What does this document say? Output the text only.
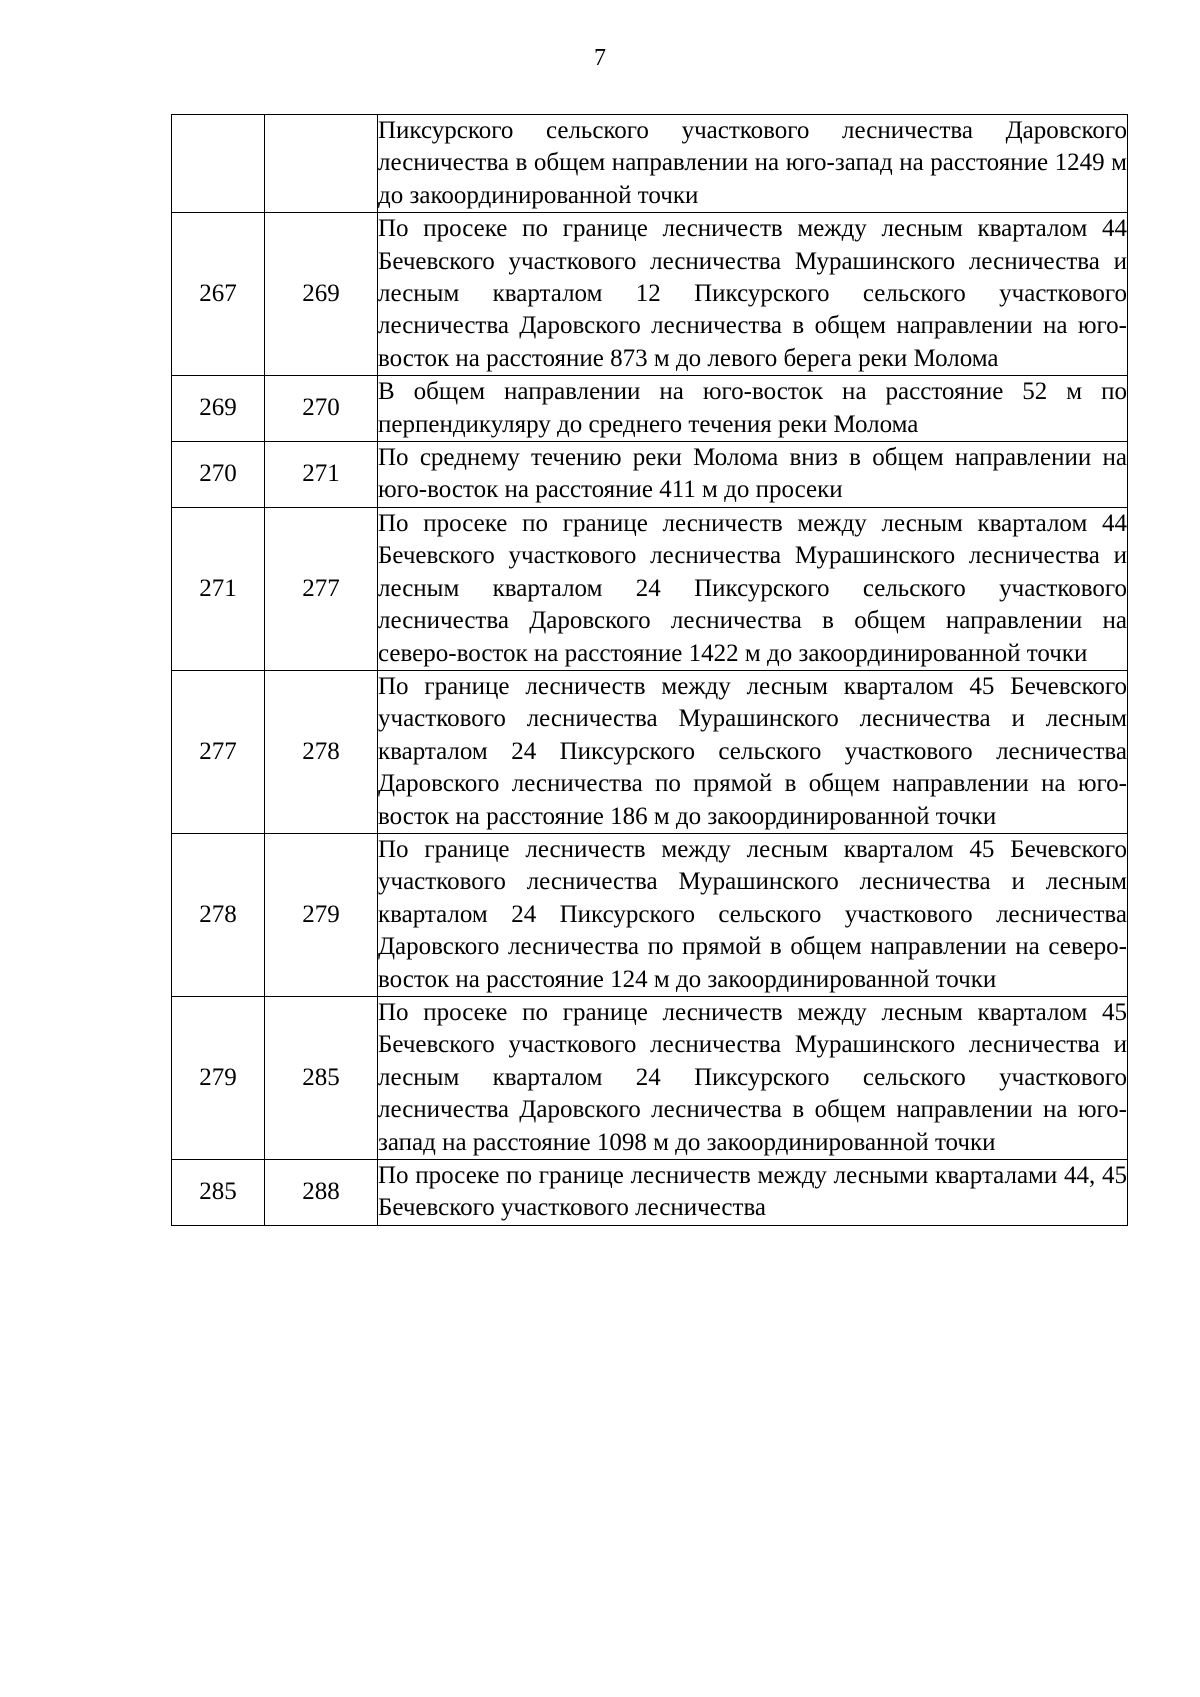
7
		Пиксурского сельского участкового лесничества Даровского лесничества в общем направлении на юго-запад на расстояние 1249 м до закоординированной точки
267	269	По просеке по границе лесничеств между лесным кварталом 44 Бечевского участкового лесничества Мурашинского лесничества и лесным кварталом 12 Пиксурского сельского участкового лесничества Даровского лесничества в общем направлении на юго-восток на расстояние 873 м до левого берега реки Молома
269	270	В общем направлении на юго-восток на расстояние 52 м по перпендикуляру до среднего течения реки Молома
270	271	По среднему течению реки Молома вниз в общем направлении на юго-восток на расстояние 411 м до просеки
271	277	По просеке по границе лесничеств между лесным кварталом 44 Бечевского участкового лесничества Мурашинского лесничества и лесным кварталом 24 Пиксурского сельского участкового лесничества Даровского лесничества в общем направлении на северо-восток на расстояние 1422 м до закоординированной точки
277	278	По границе лесничеств между лесным кварталом 45 Бечевского участкового лесничества Мурашинского лесничества и лесным кварталом 24 Пиксурского сельского участкового лесничества Даровского лесничества по прямой в общем направлении на юго-восток на расстояние 186 м до закоординированной точки
278	279	По границе лесничеств между лесным кварталом 45 Бечевского участкового лесничества Мурашинского лесничества и лесным кварталом 24 Пиксурского сельского участкового лесничества Даровского лесничества по прямой в общем направлении на северо-восток на расстояние 124 м до закоординированной точки
279	285	По просеке по границе лесничеств между лесным кварталом 45 Бечевского участкового лесничества Мурашинского лесничества и лесным кварталом 24 Пиксурского сельского участкового лесничества Даровского лесничества в общем направлении на юго-запад на расстояние 1098 м до закоординированной точки
285	288	По просеке по границе лесничеств между лесными кварталами 44, 45 Бечевского участкового лесничества
